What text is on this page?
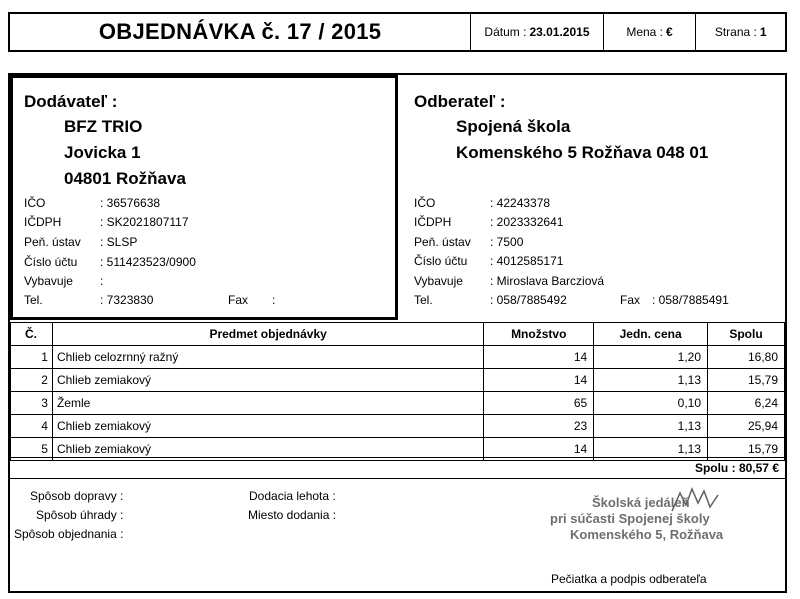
OBJEDNÁVKA č. 17 / 2015	Dátum : 23.01.2015	Mena : €	Strana : 1
Dodávateľ :
BFZ TRIO
Jovicka 1
04801 Rožňava
IČO	: 36576638
IČDPH	: SK2021807117
Peň. ústav : SLSP
Číslo účtu : 511423523/0900
Vybavuje :
Tel.	: 7323830	Fax :
Odberateľ :
Spojená škola
Komenského 5 Rožňava 048 01
IČO	: 42243378
IČDPH	: 2023332641
Peň. ústav : 7500
Číslo účtu : 4012585171
Vybavuje : Miroslava Barcziová
Tel.	: 058/7885492	Fax : 058/7885491
Č.	Predmet objednávky	Množstvo	Jedn. cena	Spolu
1	Chlieb celozrnný ražný	14	1,20	16,80
2	Chlieb zemiakový	14	1,13	15,79
3	Žemle	65	0,10	6,24
4	Chlieb zemiakový	23	1,13	25,94
5	Chlieb zemiakový	14	1,13	15,79
Spolu :
80,57 €
Spôsob dopravy :
Spôsob úhrady :
Spôsob objednania :
Dodacia lehota :
Miesto dodania :
Školská jedáleň
pri súčasti Spojenej školy
Komenského 5, Rožňava
Pečiatka a podpis odberateľa
